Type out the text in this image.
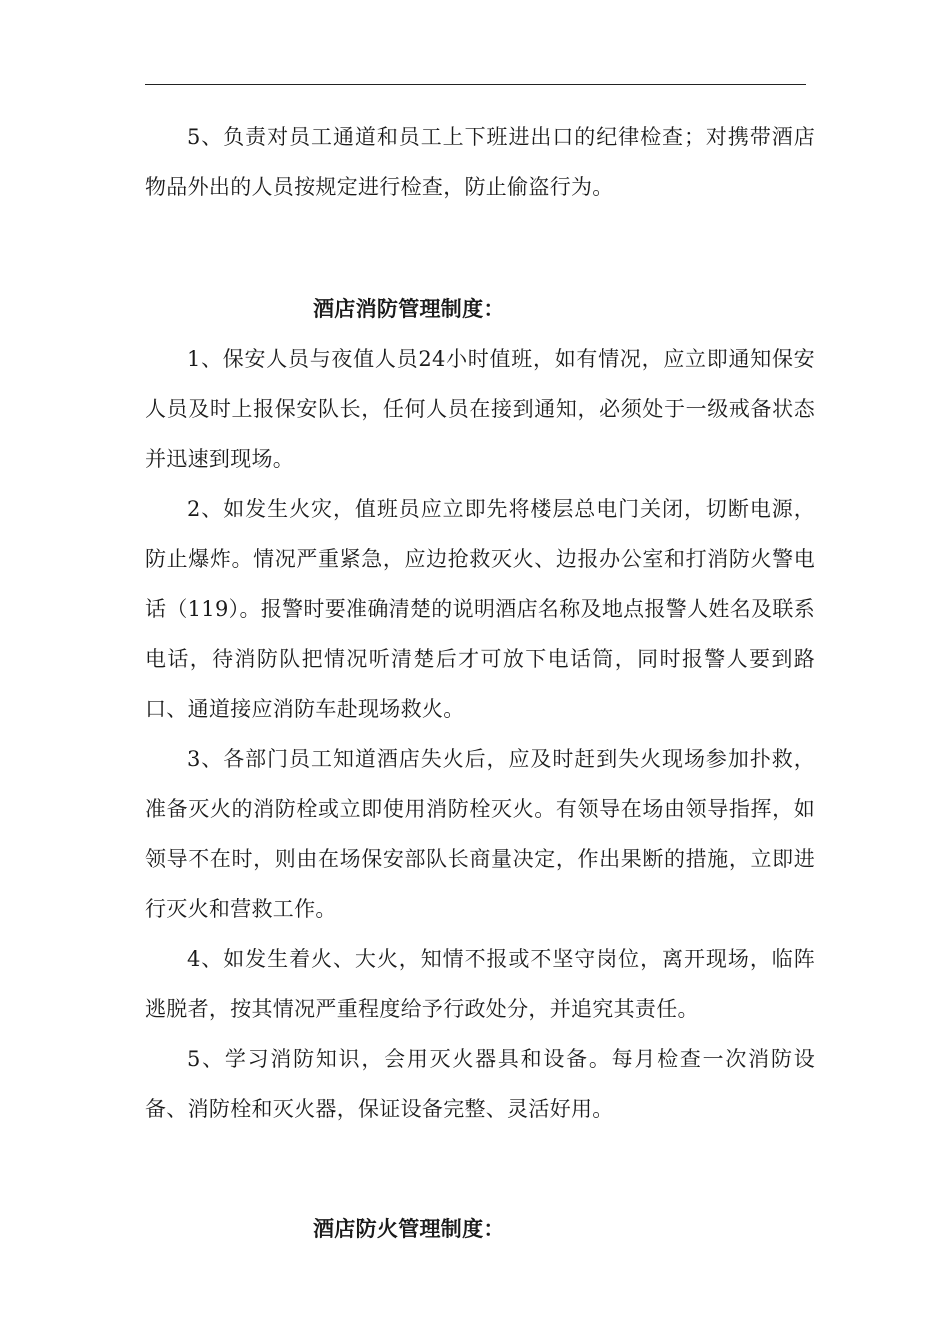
5、负责对员工通道和员工上下班进出口的纪律检查；对携带酒店物品外出的人员按规定进行检查，防止偷盗行为。

酒店消防管理制度：

1、保安人员与夜值人员24小时值班，如有情况，应立即通知保安人员及时上报保安队长，任何人员在接到通知，必须处于一级戒备状态并迅速到现场。

2、如发生火灾，值班员应立即先将楼层总电门关闭，切断电源，防止爆炸。情况严重紧急，应边抢救灭火、边报办公室和打消防火警电话（119）。报警时要准确清楚的说明酒店名称及地点报警人姓名及联系电话，待消防队把情况听清楚后才可放下电话筒，同时报警人要到路口、通道接应消防车赴现场救火。

3、各部门员工知道酒店失火后，应及时赶到失火现场参加扑救，准备灭火的消防栓或立即使用消防栓灭火。有领导在场由领导指挥，如领导不在时，则由在场保安部队长商量决定，作出果断的措施，立即进行灭火和营救工作。

4、如发生着火、大火，知情不报或不坚守岗位，离开现场，临阵逃脱者，按其情况严重程度给予行政处分，并追究其责任。

5、学习消防知识，会用灭火器具和设备。每月检查一次消防设备、消防栓和灭火器，保证设备完整、灵活好用。

酒店防火管理制度：
